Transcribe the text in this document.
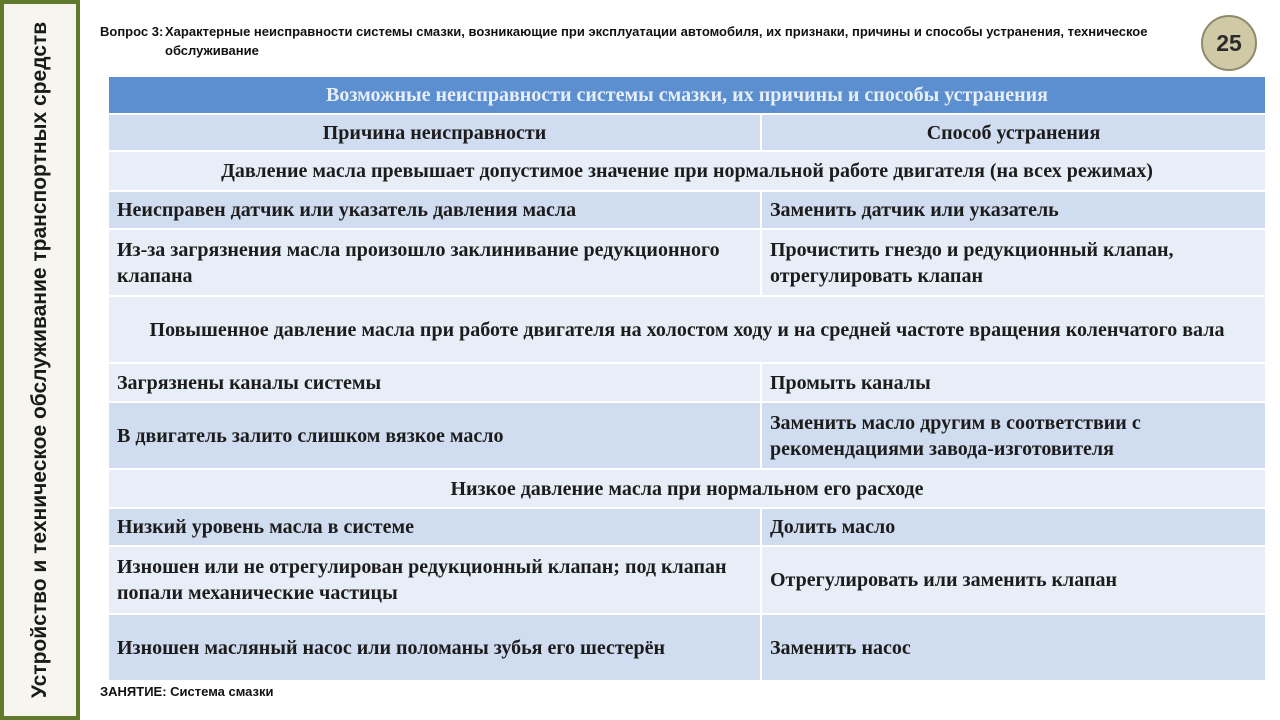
Устройство и техническое обслуживание транспортных средств	Вопрос 3: Характерные неисправности системы смазки, возникающие при эксплуатации автомобиля, их признаки, причины и способы устранения, техническое обслуживание	25
Возможные неисправности системы смазки, их причины и способы устранения	
Причина неисправности	Способ устранения
Давление масла превышает допустимое значение при нормальной работе двигателя (на всех режимах)	
Неисправен датчик или указатель давления масла	Заменить датчик или указатель
Из-за загрязнения масла произошло заклинивание редукционного клапана	Прочистить гнездо и редукционный клапан, отрегулировать клапан
Повышенное давление масла при работе двигателя на холостом ходу и на средней частоте вращения коленчатого вала	
Загрязнены каналы системы	Промыть каналы
В двигатель залито слишком вязкое масло	Заменить масло другим в соответствии с рекомендациями завода-изготовителя
Низкое давление масла при нормальном его расходе	
Низкий уровень масла в системе	Долить масло
Изношен или не отрегулирован редукционный клапан; под клапан попали механические частицы	Отрегулировать или заменить клапан
Изношен масляный насос или поломаны зубья его шестерён	Заменить насос
ЗАНЯТИЕ: Система смазки
